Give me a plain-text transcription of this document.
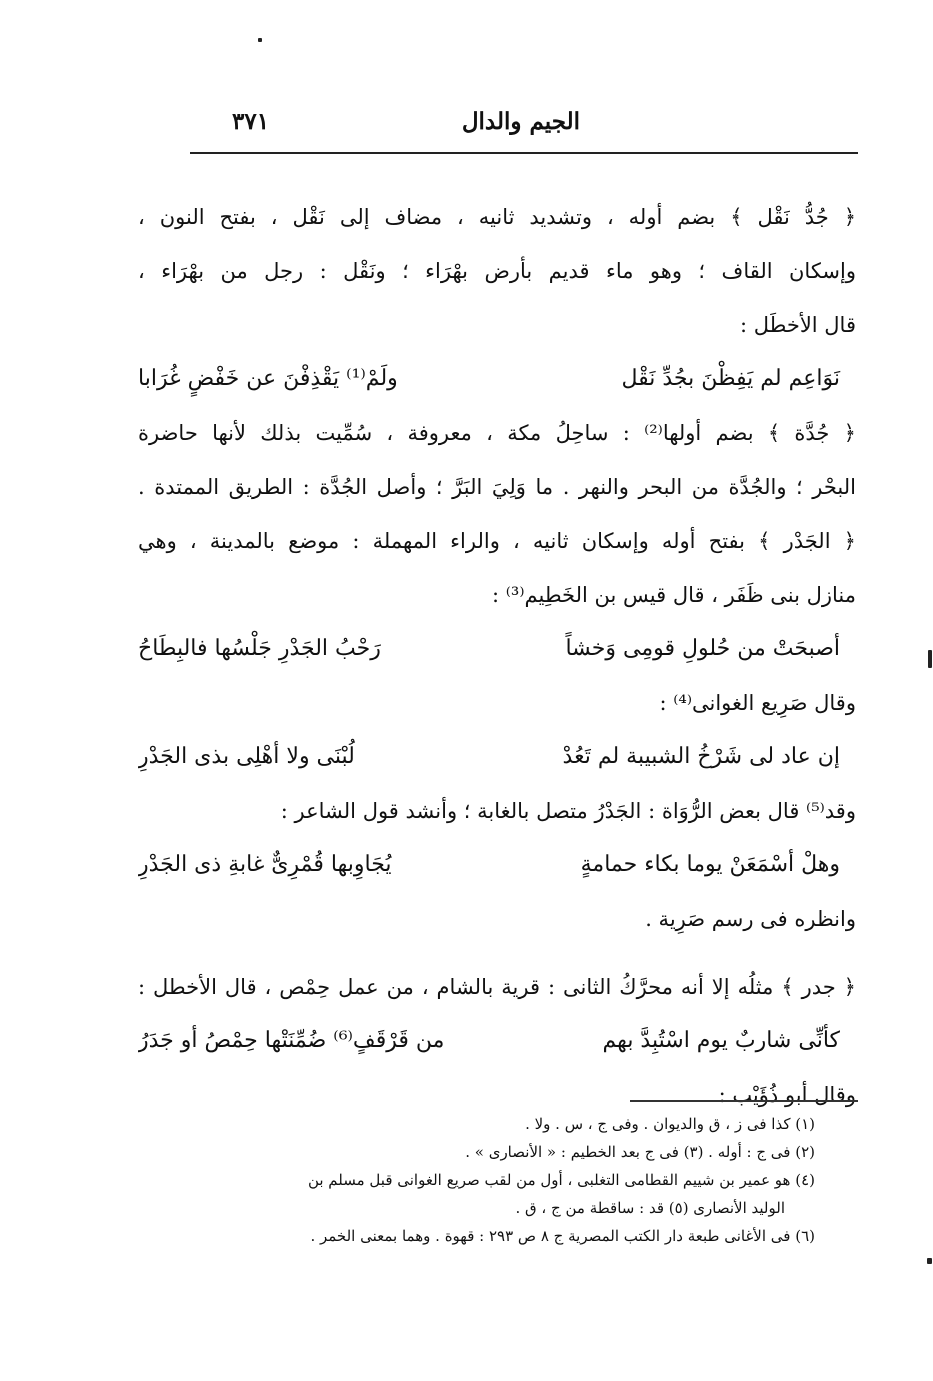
الجيم والدال
٣٧١
﴿ جُدُّ نَقْل ﴾ بضم أوله ، وتشديد ثانيه ، مضاف إلى نَقْل ، بفتح النون ،
وإسكان القاف ؛ وهو ماء قديم بأرض بهْرَاء ؛ ونَقْل : رجل من بهْرَاء ،
قال الأخطَل :
نَوَاعِم لم يَفِظْنَ بجُدِّ نَقْل
ولَمْ⁽¹⁾ يَقْذِفْنَ عن خَفْضٍ غُرَابا
﴿ جُدَّة ﴾ بضم أولها⁽²⁾ : ساحِلُ مكة ، معروفة ، سُمِّيت بذلك لأنها حاضرة
البحْر ؛ والجُدَّة من البحر والنهر . ما وَلِيَ البَرَّ ؛ وأصل الجُدَّة : الطريق الممتدة .
﴿ الجَدْر ﴾ بفتح أوله وإسكان ثانيه ، والراء المهملة : موضع بالمدينة ، وهي
منازل بنى ظَفَر ، قال قيس بن الخَطِيم⁽³⁾ :
أصبحَتْ من حُلولِ قومِى وَخشاً
رَحْبُ الجَدْرِ جَلْسُها فالبِطَاحُ
وقال صَرِيع الغوانى⁽⁴⁾ :
إن عاد لى شَرْخُ الشبيبة لم تَعُدْ
لُبْنَى ولا أهْلِى بذى الجَدْرِ
وقد⁽⁵⁾ قال بعض الرُّوَاة : الجَدْرُ متصل بالغابة ؛ وأنشد قول الشاعر :
وهلْ أسْمَعَنْ يوما بكاء حمامةٍ
يُجَاوِبها قُمْرِىٌّ غابةِ ذى الجَدْرِ
وانظره فى رسم صَرِية .
﴿ جدر ﴾ مثلُه إلا أنه محرَّكُ الثانى : قرية بالشام ، من عمل حِمْص ، قال الأخطل :
كأنِّى شاربٌ يوم اسْتُبِدَّ بهم
من قَرْقَفٍ⁽⁶⁾ ضُمِّنَتْها حِمْصُ أو جَدَرُ
وقال أبو ذُؤَيْب :
(١) كذا فى ز ، ق والديوان . وفى ج ، س . ولا .
(٢) فى ج : أوله . (٣) فى ج بعد الخطيم : « الأنصارى » .
(٤) هو عمير بن شييم القطامى التغلبى ، أول من لقب صريع الغوانى قبل مسلم بن
الوليد الأنصارى (٥) قد : ساقطة من ج ، ق .
(٦) فى الأغانى طبعة دار الكتب المصرية ج ٨ ص ٢٩٣ : قهوة . وهما بمعنى الخمر .
